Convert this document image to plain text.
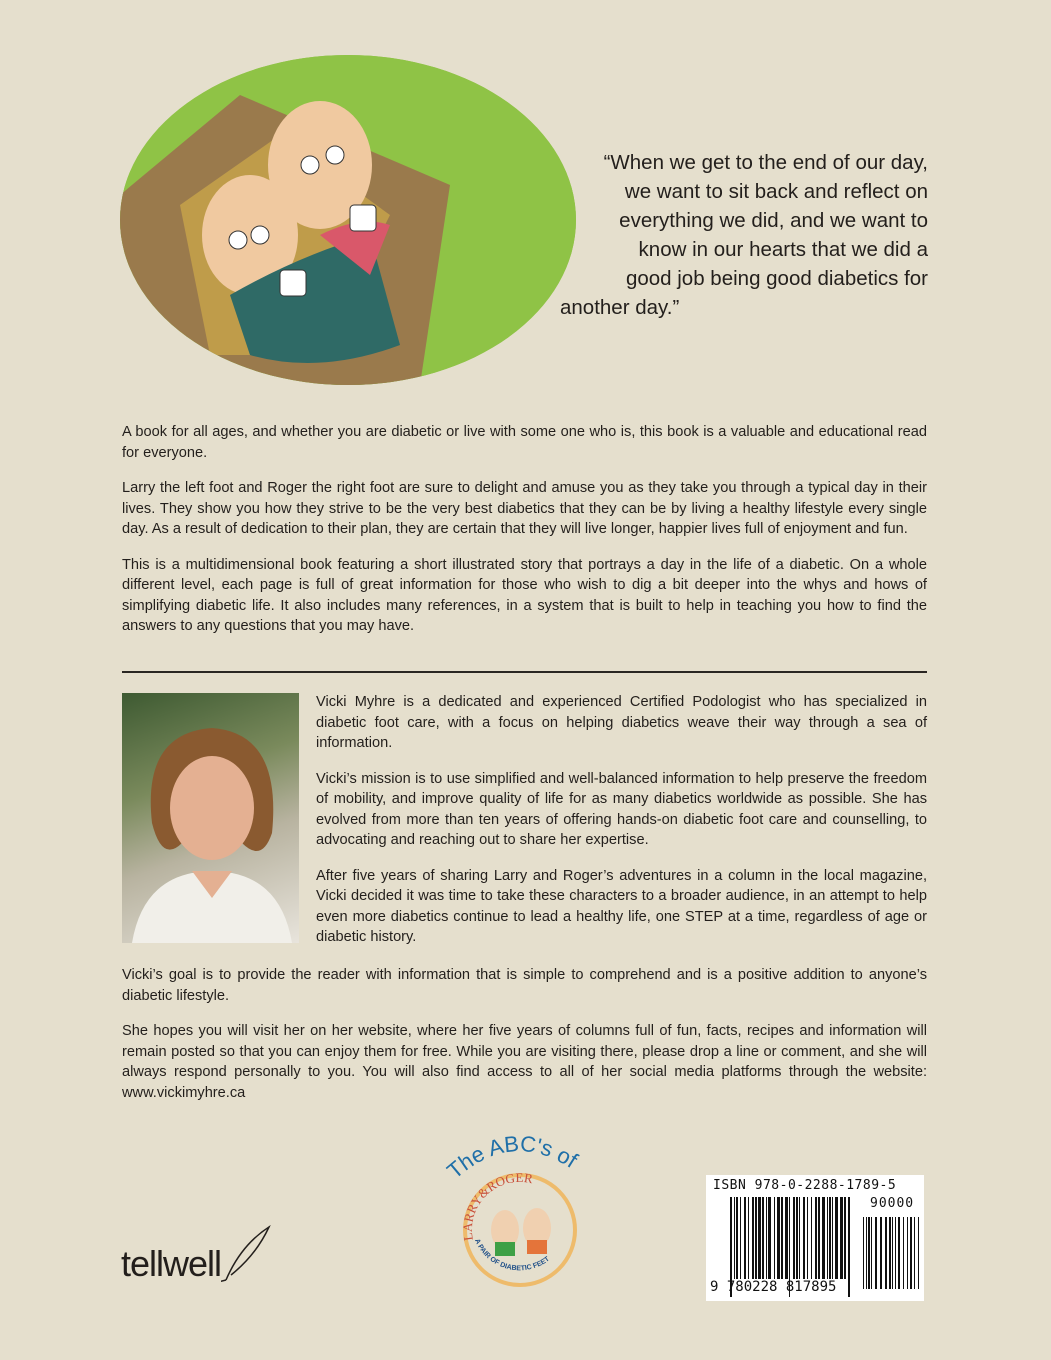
“When we get to the end of our day,
we want to sit back and reflect on
everything we did, and we want to
know in our hearts that we did a
good job being good diabetics for
another day.”

A book for all ages, and whether you are diabetic or live with some one who is, this book is a valuable and educational read for everyone.

Larry the left foot and Roger the right foot are sure to delight and amuse you as they take you through a typical day in their lives. They show you how they strive to be the very best diabetics that they can be by living a healthy lifestyle every single day. As a result of dedication to their plan, they are certain that they will live longer, happier lives full of enjoyment and fun.

This is a multidimensional book featuring a short illustrated story that portrays a day in the life of a diabetic. On a whole different level, each page is full of great information for those who wish to dig a bit deeper into the whys and hows of simplifying diabetic life. It also includes many references, in a system that is built to help in teaching you how to find the answers to any questions that you may have.

Vicki Myhre is a dedicated and experienced Certified Podologist who has specialized in diabetic foot care, with a focus on helping diabetics weave their way through a sea of information.

Vicki’s mission is to use simplified and well-balanced information to help preserve the freedom of mobility, and improve quality of life for as many diabetics worldwide as possible. She has evolved from more than ten years of offering hands-on diabetic foot care and counselling, to advocating and reaching out to share her expertise.

After five years of sharing Larry and Roger’s adventures in a column in the local magazine, Vicki decided it was time to take these characters to a broader audience, in an attempt to help even more diabetics continue to lead a healthy life, one STEP at a time, regardless of age or diabetic history.

Vicki’s goal is to provide the reader with information that is simple to comprehend and is a positive addition to anyone’s diabetic lifestyle.

She hopes you will visit her on her website, where her five years of columns full of fun, facts, recipes and information will remain posted so that you can enjoy them for free. While you are visiting there, please drop a line or comment, and she will always respond personally to you. You will also find access to all of her social media platforms through the website: www.vickimyhre.ca

tellwell
he ABC's of
LARRY&ROGER
A PAIR OF DIABETIC FEET
ISBN 978-0-2288-1789-5
90000
9 780228 817895
